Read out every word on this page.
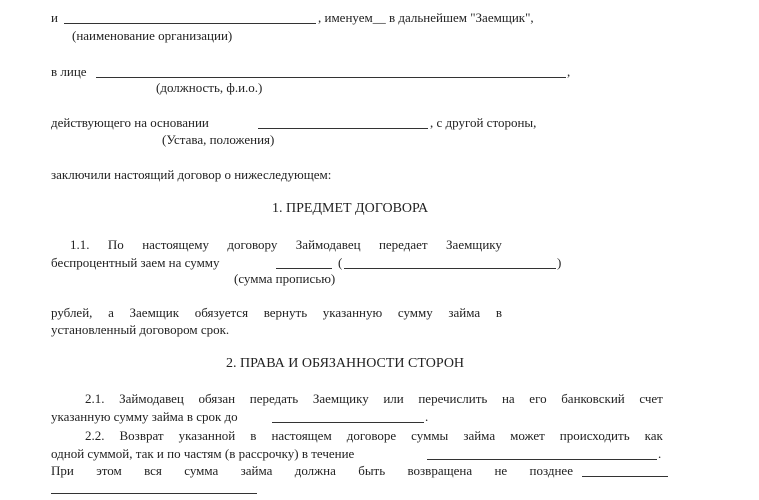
и	, именуем__ в дальнейшем "Заемщик",
(наименование организации)
в лице	,
(должность, ф.и.о.)
действующего на основании	, с другой стороны,
(Устава, положения)
заключили настоящий договор о нижеследующем:
1. ПРЕДМЕТ ДОГОВОРА
1.1. По настоящему договору Займодавец передает Заемщику
беспроцентный заем на сумму	(	)
(сумма прописью)
рублей, а Заемщик обязуется вернуть указанную сумму займа в
установленный договором срок.
2. ПРАВА И ОБЯЗАННОСТИ СТОРОН
2.1. Займодавец обязан передать Заемщику или перечислить на его банковский счет
указанную сумму займа в срок до	.
2.2. Возврат указанной в настоящем договоре суммы займа может происходить как
одной суммой, так и по частям (в рассрочку) в течение	.
При этом вся сумма займа должна быть возвращена не позднее
